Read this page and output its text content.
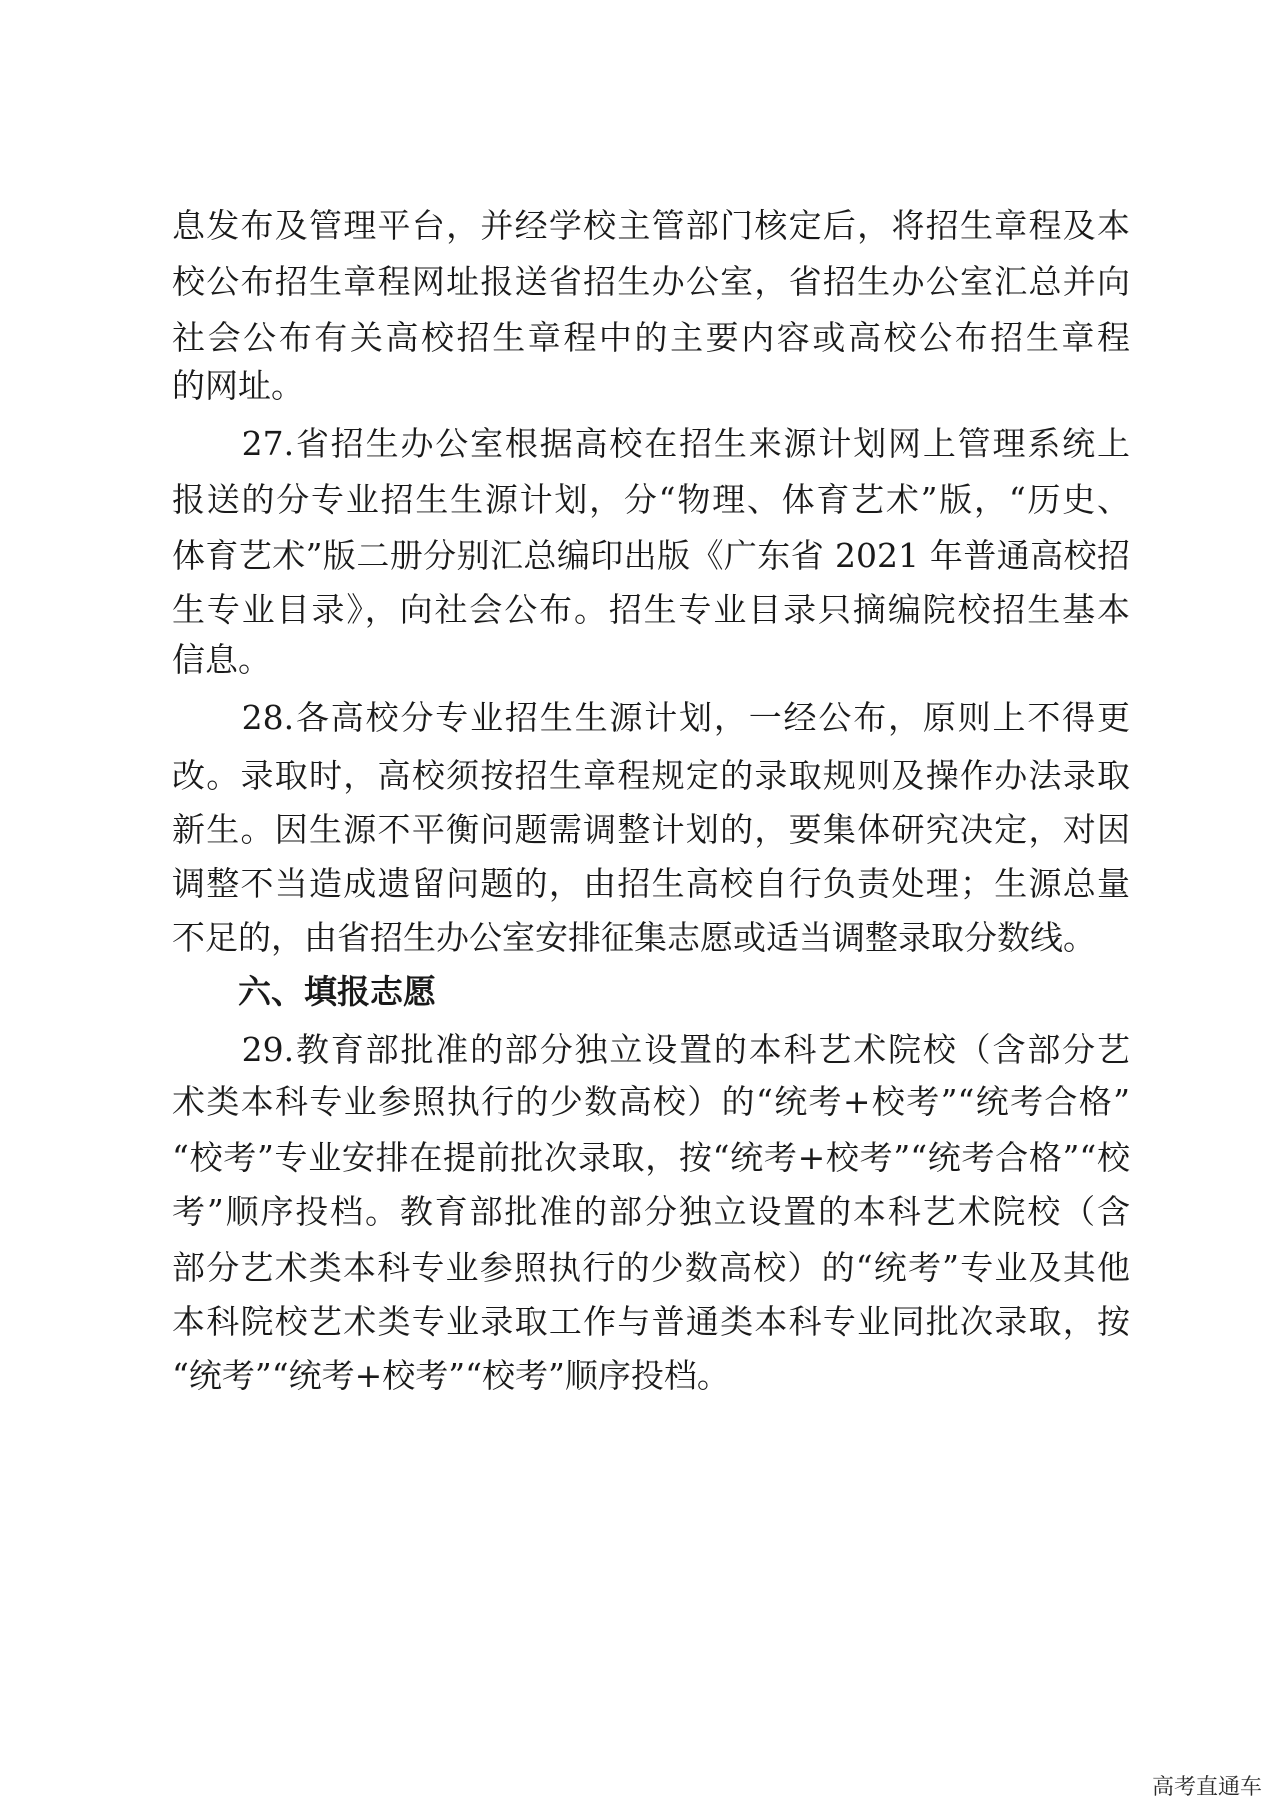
息发布及管理平台，并经学校主管部门核定后，将招生章程及本
校公布招生章程网址报送省招生办公室，省招生办公室汇总并向
社会公布有关高校招生章程中的主要内容或高校公布招生章程
的网址。
　　27.省招生办公室根据高校在招生来源计划网上管理系统上
报送的分专业招生生源计划，分“物理、体育艺术”版，“历史、
体育艺术”版二册分别汇总编印出版《广东省 2021 年普通高校招
生专业目录》，向社会公布。招生专业目录只摘编院校招生基本
信息。
　　28.各高校分专业招生生源计划，一经公布，原则上不得更
改。录取时，高校须按招生章程规定的录取规则及操作办法录取
新生。因生源不平衡问题需调整计划的，要集体研究决定，对因
调整不当造成遗留问题的，由招生高校自行负责处理；生源总量
不足的，由省招生办公室安排征集志愿或适当调整录取分数线。
　　六、填报志愿
　　29.教育部批准的部分独立设置的本科艺术院校（含部分艺
术类本科专业参照执行的少数高校）的“统考+校考”“统考合格”
“校考”专业安排在提前批次录取，按“统考+校考”“统考合格”“校
考”顺序投档。教育部批准的部分独立设置的本科艺术院校（含
部分艺术类本科专业参照执行的少数高校）的“统考”专业及其他
本科院校艺术类专业录取工作与普通类本科专业同批次录取，按
“统考”“统考+校考”“校考”顺序投档。
高考直通车
